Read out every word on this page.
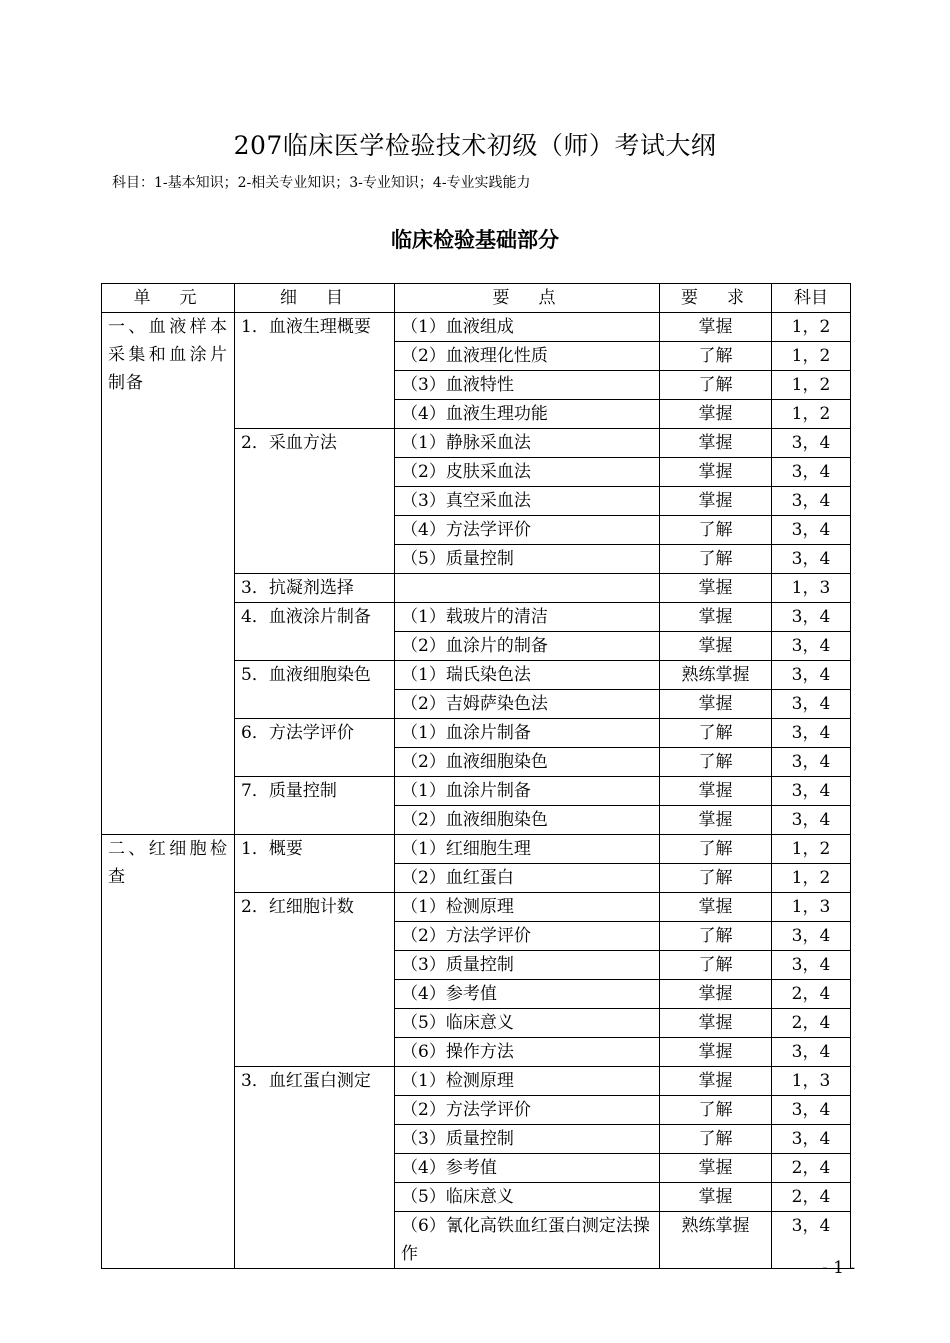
207临床医学检验技术初级（师）考试大纲
科目：1-基本知识；2-相关专业知识；3-专业知识；4-专业实践能力
临床检验基础部分
单　元	细　目	要　点	要　求	科目
一、血液样本采集和血涂片制备	1．血液生理概要	（1）血液组成	掌握	1，2
		（2）血液理化性质	了解	1，2
		（3）血液特性	了解	1，2
		（4）血液生理功能	掌握	1，2
	2．采血方法	（1）静脉采血法	掌握	3，4
		（2）皮肤采血法	掌握	3，4
		（3）真空采血法	掌握	3，4
		（4）方法学评价	了解	3，4
		（5）质量控制	了解	3，4
	3．抗凝剂选择		掌握	1，3
	4．血液涂片制备	（1）载玻片的清洁	掌握	3，4
		（2）血涂片的制备	掌握	3，4
	5．血液细胞染色	（1）瑞氏染色法	熟练掌握	3，4
		（2）吉姆萨染色法	掌握	3，4
	6．方法学评价	（1）血涂片制备	了解	3，4
		（2）血液细胞染色	了解	3，4
	7．质量控制	（1）血涂片制备	掌握	3，4
		（2）血液细胞染色	掌握	3，4
二、红细胞检查	1．概要	（1）红细胞生理	了解	1，2
		（2）血红蛋白	了解	1，2
	2．红细胞计数	（1）检测原理	掌握	1，3
		（2）方法学评价	了解	3，4
		（3）质量控制	了解	3，4
		（4）参考值	掌握	2，4
		（5）临床意义	掌握	2，4
		（6）操作方法	掌握	3，4
	3．血红蛋白测定	（1）检测原理	掌握	1，3
		（2）方法学评价	了解	3，4
		（3）质量控制	了解	3，4
		（4）参考值	掌握	2，4
		（5）临床意义	掌握	2，4
		（6）氰化高铁血红蛋白测定法操作	熟练掌握	3，4
- 1 -
